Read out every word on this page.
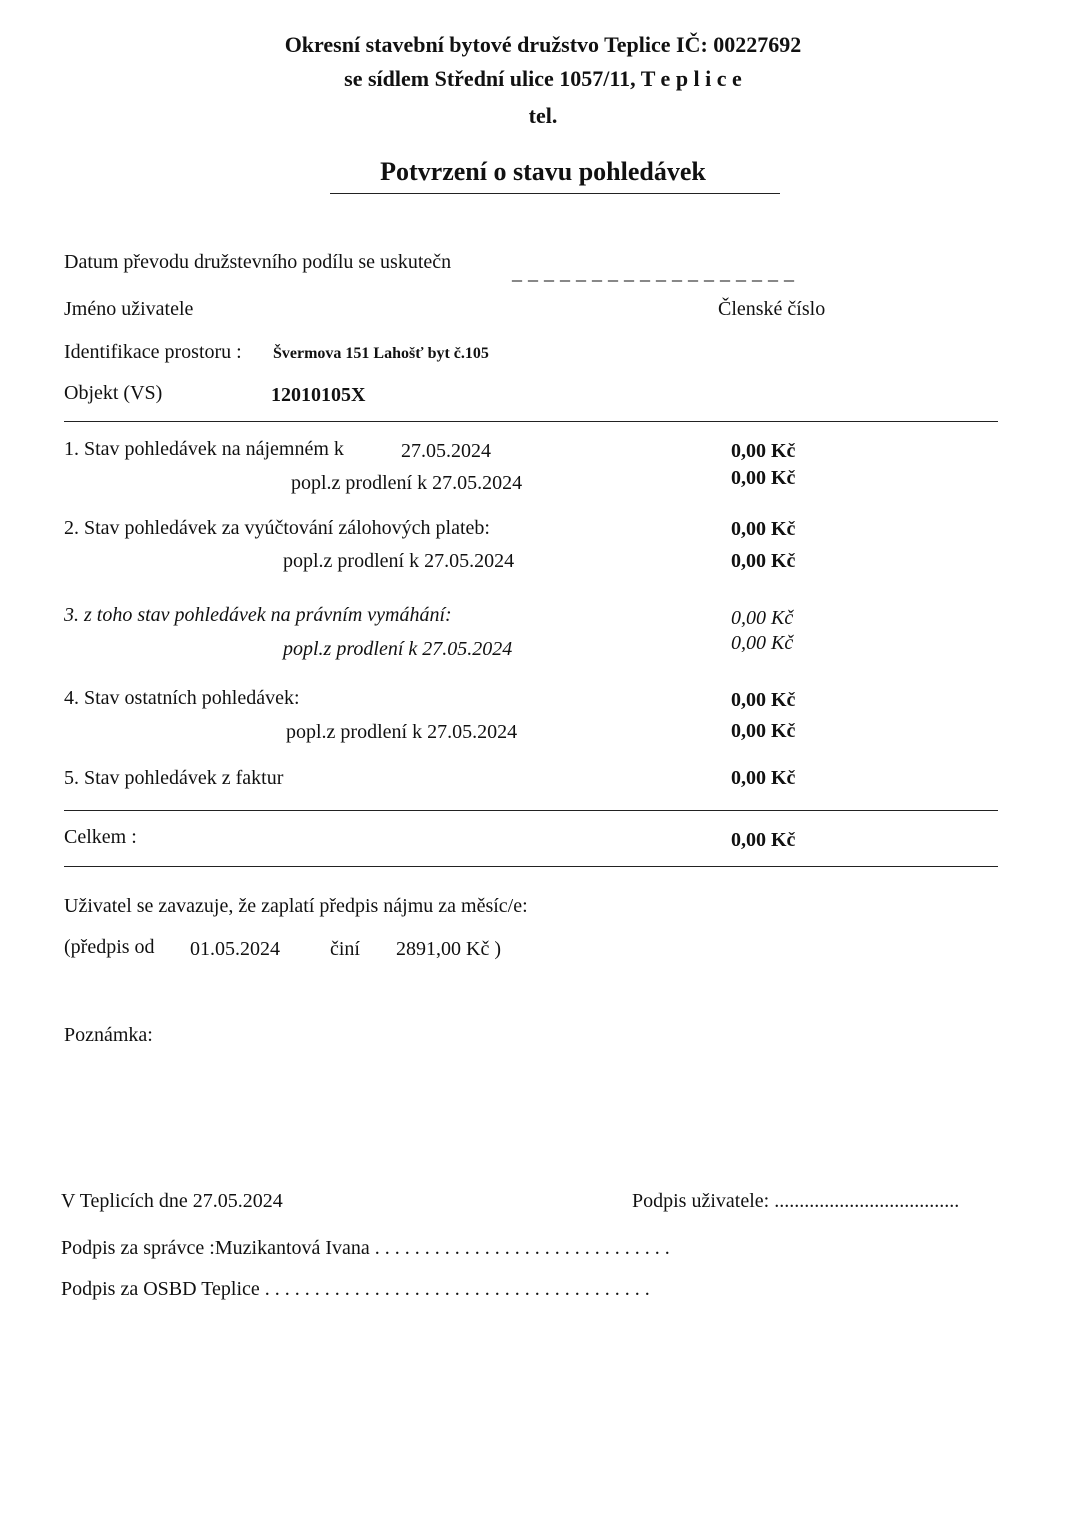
Okresní stavební bytové družstvo Teplice IČ: 00227692
se sídlem Střední ulice 1057/11, T e p l i c e
tel.
Potvrzení o stavu pohledávek
Datum převodu družstevního podílu se uskutečn	_ _ _ _ _ _ _ _ _ _ _ _ _ _ _ _ _ _
Jméno uživatele	Členské číslo
Identifikace prostoru : Švermova 151 Lahošť byt č.105
Objekt (VS)	12010105X
1. Stav pohledávek na nájemném k	27.05.2024	0,00 Kč
popl.z prodlení k 27.05.2024	0,00 Kč
2. Stav pohledávek za vyúčtování zálohových plateb:	0,00 Kč
popl.z prodlení k 27.05.2024	0,00 Kč
3. z toho stav pohledávek na právním vymáhání:	0,00 Kč
popl.z prodlení k 27.05.2024	0,00 Kč
4. Stav ostatních pohledávek:	0,00 Kč
popl.z prodlení k 27.05.2024	0,00 Kč
5. Stav pohledávek z faktur	0,00 Kč
Celkem :	0,00 Kč
Uživatel se zavazuje, že zaplatí předpis nájmu za měsíc/e:
(předpis od 01.05.2024	činí 2891,00 Kč )
Poznámka:
V Teplicích dne 27.05.2024	Podpis uživatele: .....................................
Podpis za správce :Muzikantová Ivana . . . . . . . . . . . . . . . . . . . . . . . . . . . . . .
Podpis za OSBD Teplice . . . . . . . . . . . . . . . . . . . . . . . . . . . . . . . . . . . . . . .
